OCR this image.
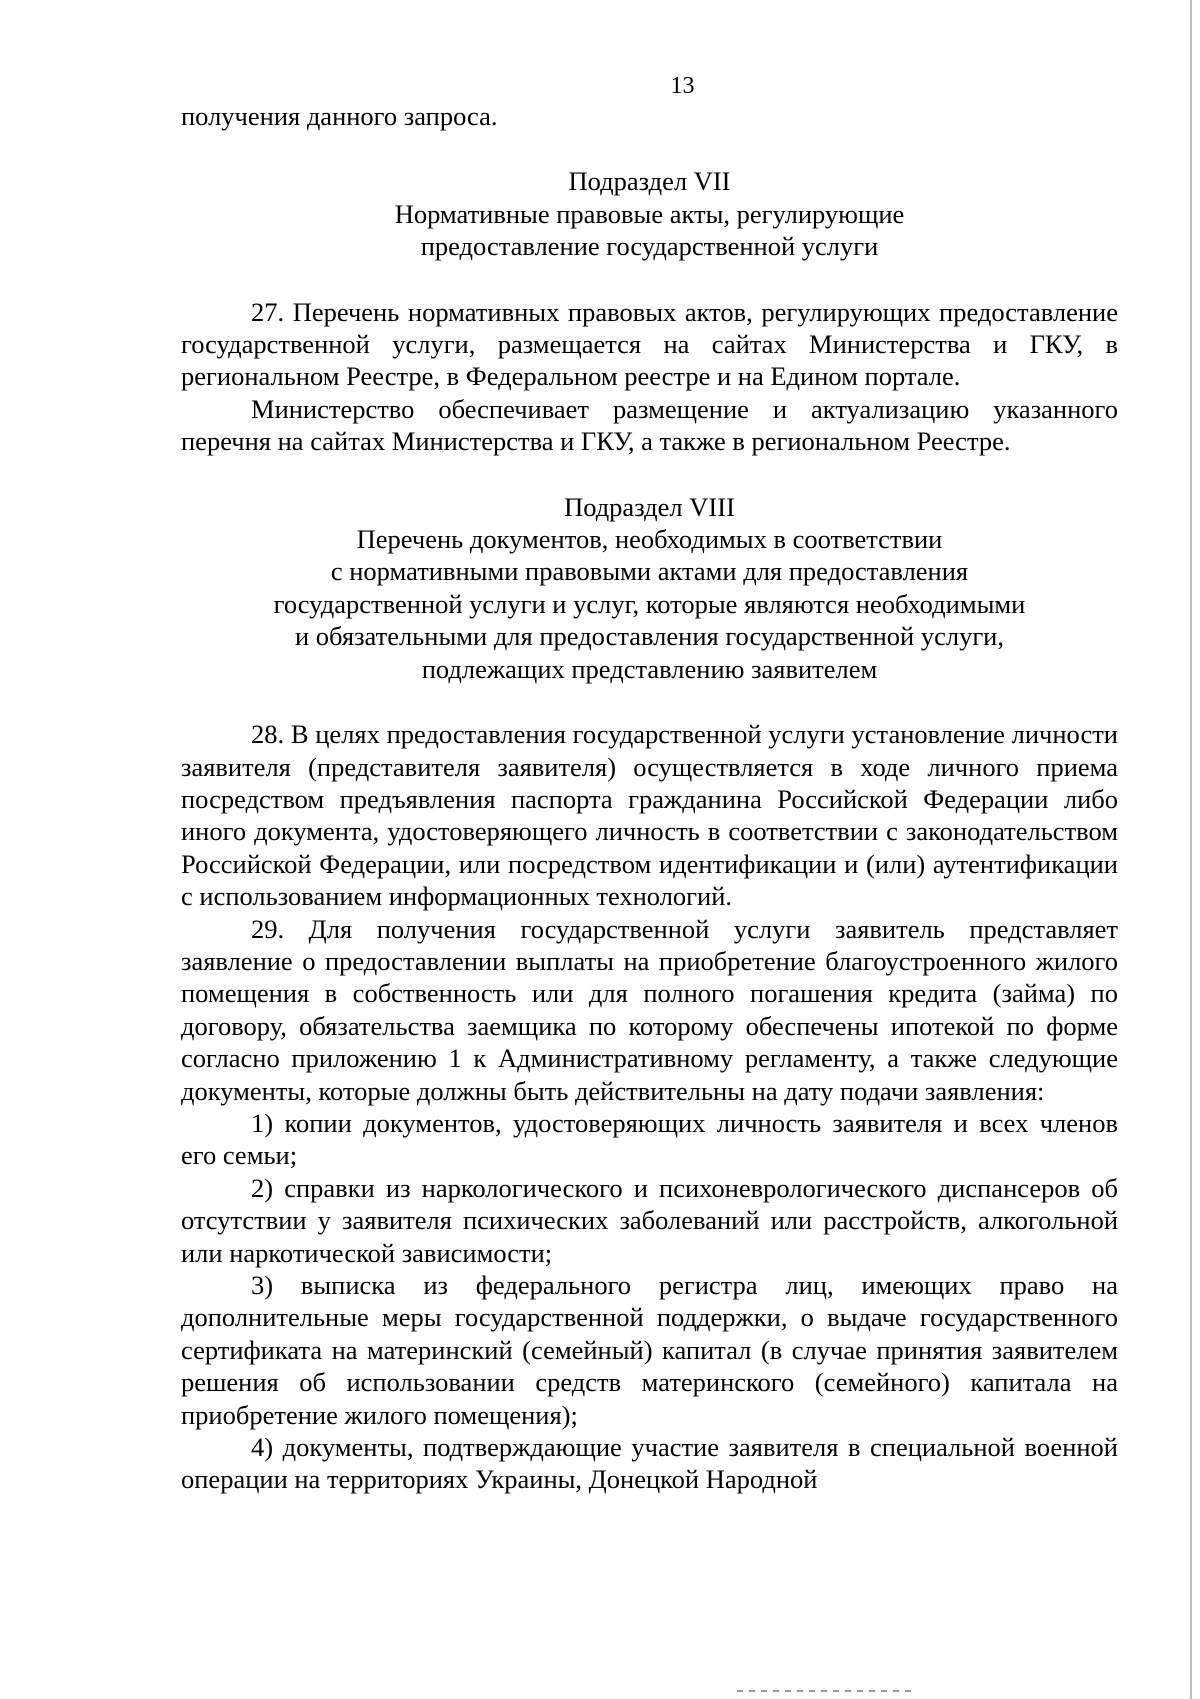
13

получения данного запроса.

Подраздел VII
Нормативные правовые акты, регулирующие
предоставление государственной услуги

27. Перечень нормативных правовых актов, регулирующих предоставление государственной услуги, размещается на сайтах Министерства и ГКУ, в региональном Реестре, в Федеральном реестре и на Едином портале.

Министерство обеспечивает размещение и актуализацию указанного перечня на сайтах Министерства и ГКУ, а также в региональном Реестре.

Подраздел VIII
Перечень документов, необходимых в соответствии
с нормативными правовыми актами для предоставления
государственной услуги и услуг, которые являются необходимыми
и обязательными для предоставления государственной услуги,
подлежащих представлению заявителем

28. В целях предоставления государственной услуги установление личности заявителя (представителя заявителя) осуществляется в ходе личного приема посредством предъявления паспорта гражданина Российской Федерации либо иного документа, удостоверяющего личность в соответствии с законодательством Российской Федерации, или посредством идентификации и (или) аутентификации с использованием информационных технологий.

29. Для получения государственной услуги заявитель представляет заявление о предоставлении выплаты на приобретение благоустроенного жилого помещения в собственность или для полного погашения кредита (займа) по договору, обязательства заемщика по которому обеспечены ипотекой по форме согласно приложению 1 к Административному регламенту, а также следующие документы, которые должны быть действительны на дату подачи заявления:

1) копии документов, удостоверяющих личность заявителя и всех членов его семьи;

2) справки из наркологического и психоневрологического диспансеров об отсутствии у заявителя психических заболеваний или расстройств, алкогольной или наркотической зависимости;

3) выписка из федерального регистра лиц, имеющих право на дополнительные меры государственной поддержки, о выдаче государственного сертификата на материнский (семейный) капитал (в случае принятия заявителем решения об использовании средств материнского (семейного) капитала на приобретение жилого помещения);

4) документы, подтверждающие участие заявителя в специальной военной операции на территориях Украины, Донецкой Народной
